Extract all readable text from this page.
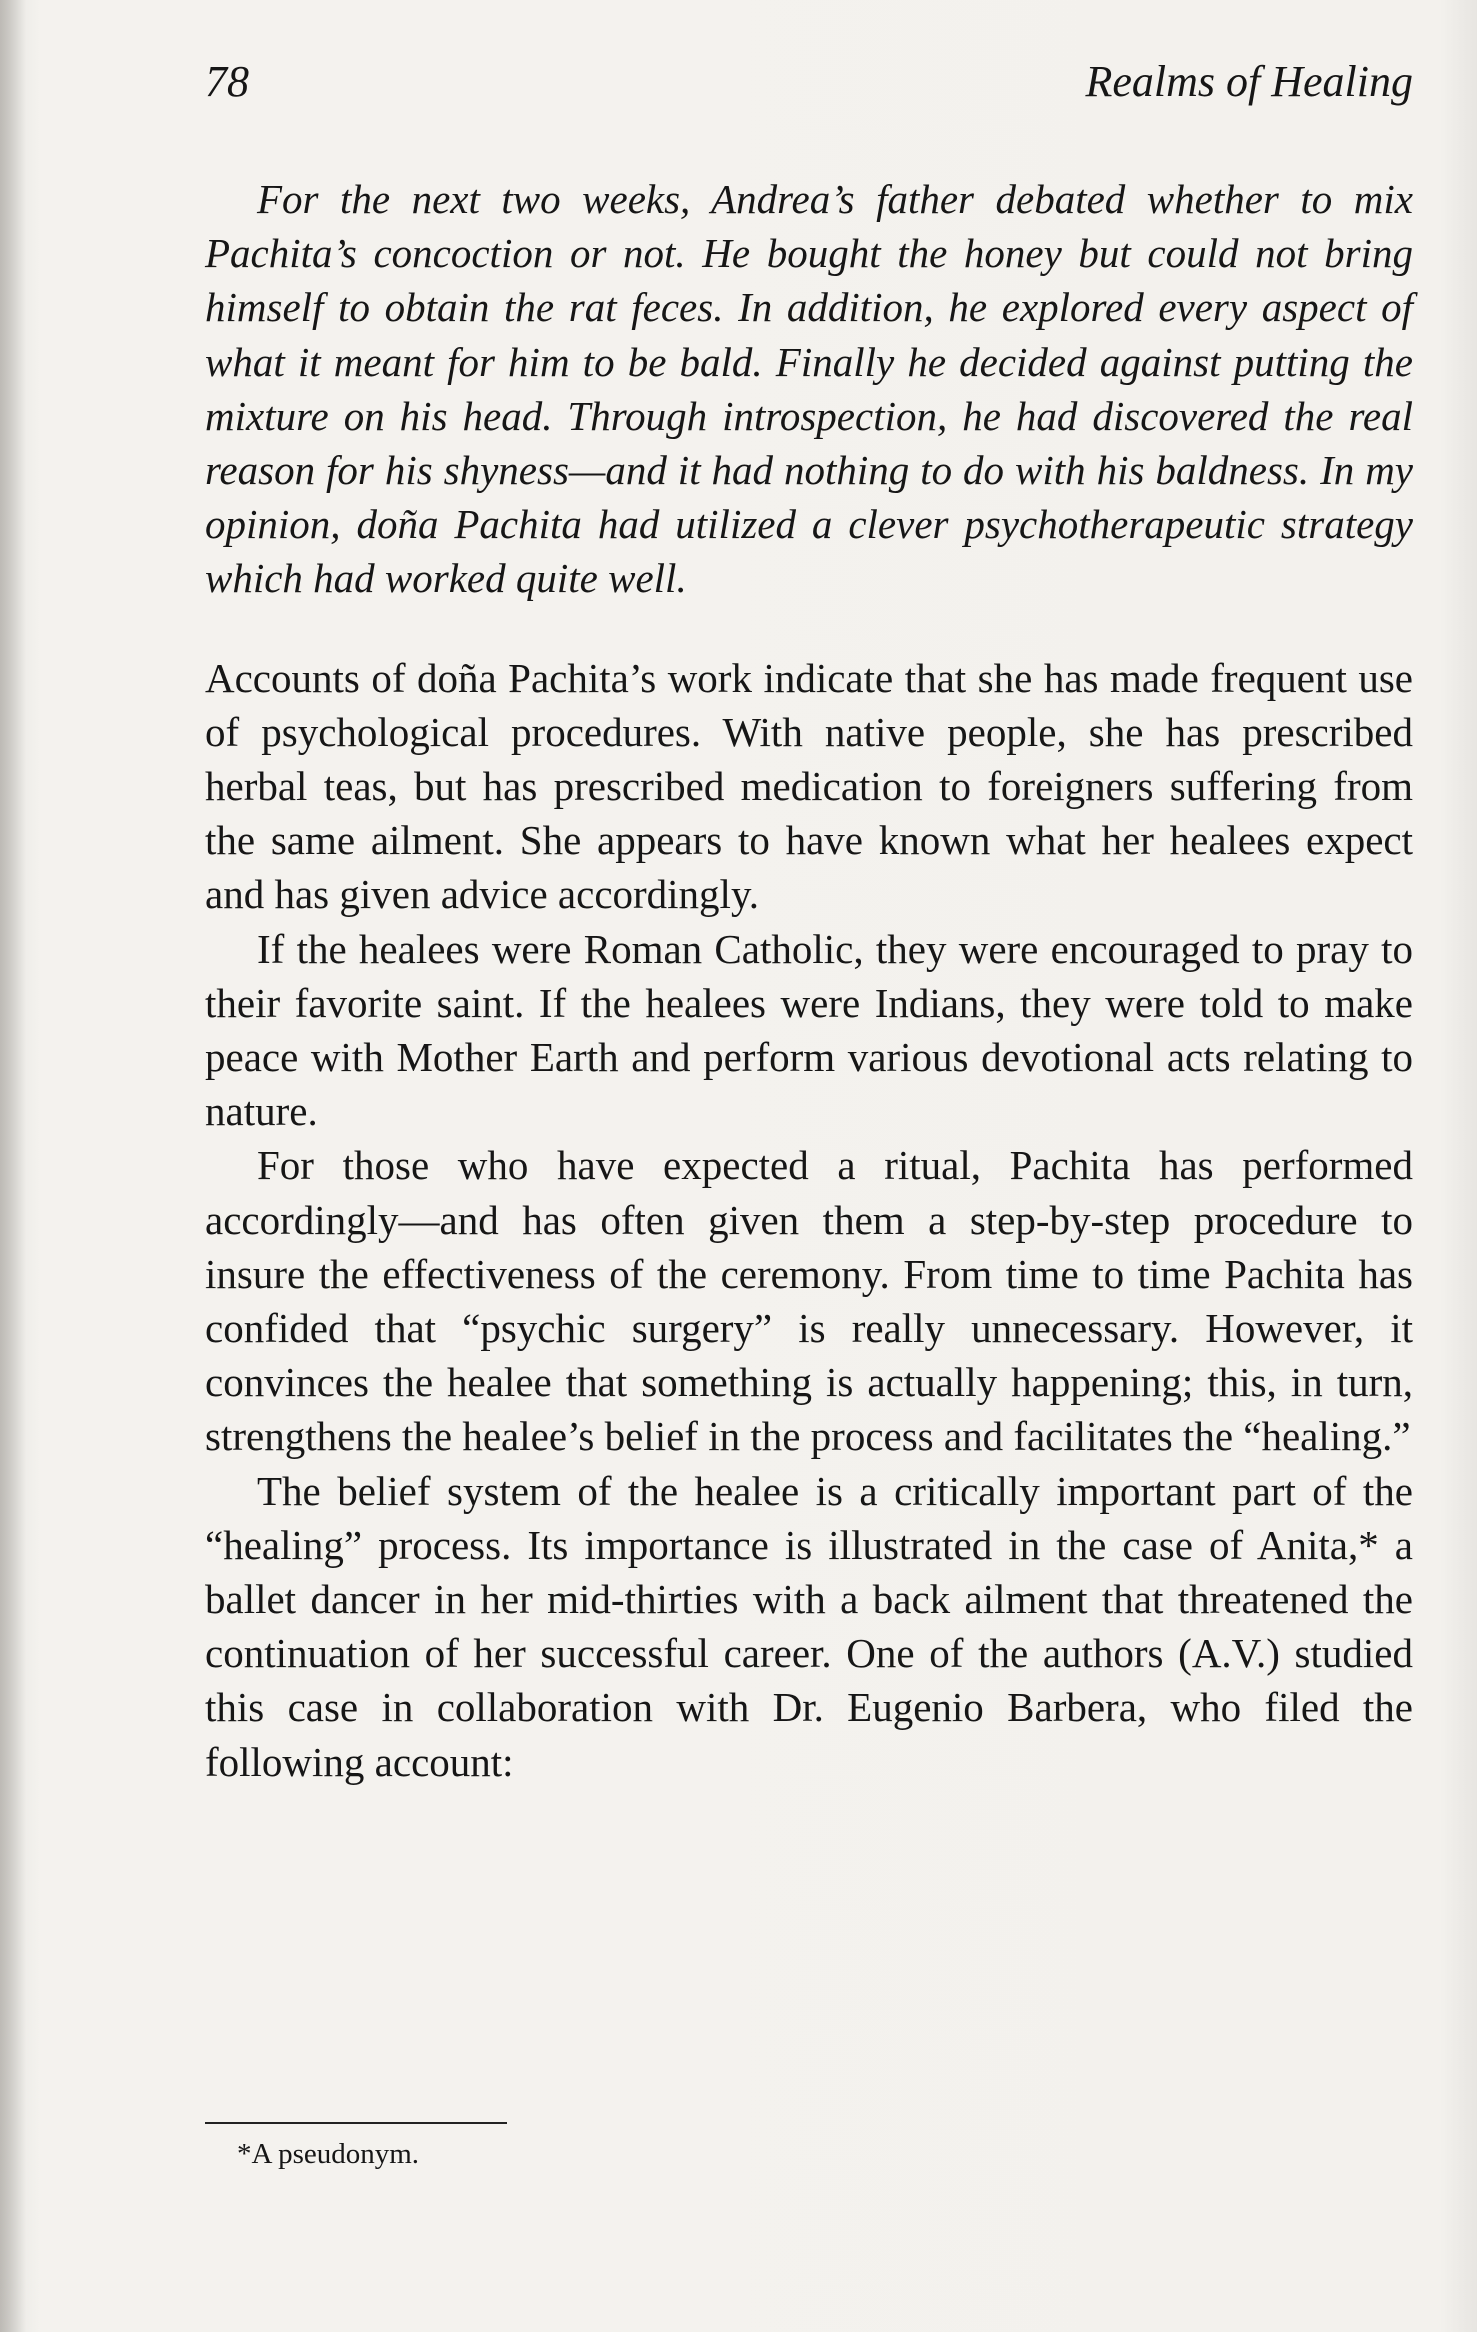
78	Realms of Healing

For the next two weeks, Andrea’s father debated whether to mix Pachita’s concoction or not. He bought the honey but could not bring himself to obtain the rat feces. In addition, he explored every aspect of what it meant for him to be bald. Finally he decided against putting the mixture on his head. Through introspection, he had discovered the real reason for his shyness—and it had nothing to do with his baldness. In my opinion, doña Pachita had utilized a clever psychotherapeutic strategy which had worked quite well.

Accounts of doña Pachita’s work indicate that she has made frequent use of psychological procedures. With native people, she has prescribed herbal teas, but has prescribed medication to foreigners suffering from the same ailment. She appears to have known what her healees expect and has given advice accordingly.

If the healees were Roman Catholic, they were encouraged to pray to their favorite saint. If the healees were Indians, they were told to make peace with Mother Earth and perform various devotional acts relating to nature.

For those who have expected a ritual, Pachita has performed accordingly—and has often given them a step-by-step procedure to insure the effectiveness of the ceremony. From time to time Pachita has confided that “psychic surgery” is really unnecessary. However, it convinces the healee that something is actually happening; this, in turn, strengthens the healee’s belief in the process and facilitates the “healing.”

The belief system of the healee is a critically important part of the “healing” process. Its importance is illustrated in the case of Anita,* a ballet dancer in her mid-thirties with a back ailment that threatened the continuation of her successful career. One of the authors (A.V.) studied this case in collaboration with Dr. Eugenio Barbera, who filed the following account:

*A pseudonym.
